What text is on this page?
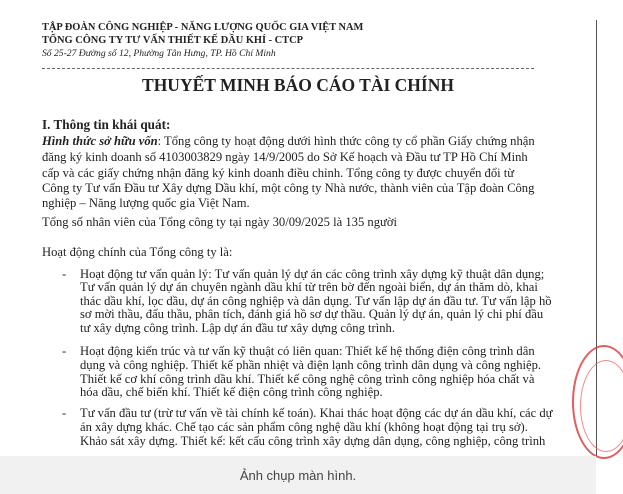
TẬP ĐOÀN CÔNG NGHIỆP - NĂNG LƯỢNG QUỐC GIA VIỆT NAM
TỔNG CÔNG TY TƯ VẤN THIẾT KẾ DẦU KHÍ - CTCP
Số 25-27 Đường số 12, Phường Tân Hưng, TP. Hồ Chí Minh
THUYẾT MINH BÁO CÁO TÀI CHÍNH
I. Thông tin khái quát:
Hình thức sở hữu vốn: Tổng công ty hoạt động dưới hình thức công ty cổ phần Giấy chứng nhận
đăng ký kinh doanh số 4103003829 ngày 14/9/2005 do Sở Kế hoạch và Đầu tư TP Hồ Chí Minh
cấp và các giấy chứng nhận đăng ký kinh doanh điều chỉnh. Tổng công ty được chuyển đổi từ
Công ty Tư vấn Đầu tư Xây dựng Dầu khí, một công ty Nhà nước, thành viên của Tập đoàn Công
nghiệp – Năng lượng quốc gia Việt Nam.
Tổng số nhân viên của Tổng công ty tại ngày 30/09/2025 là 135 người
Hoạt động chính của Tổng công ty là:
- Hoạt động tư vấn quản lý: Tư vấn quản lý dự án các công trình xây dựng kỹ thuật dân dụng;
Tư vấn quản lý dự án chuyên ngành dầu khí từ trên bờ đến ngoài biển, dự án thăm dò, khai
thác dầu khí, lọc dầu, dự án công nghiệp và dân dụng. Tư vấn lập dự án đầu tư. Tư vấn lập hồ
sơ mời thầu, đấu thầu, phân tích, đánh giá hồ sơ dự thầu. Quản lý dự án, quản lý chi phí đầu
tư xây dựng công trình. Lập dự án đầu tư xây dựng công trình.
- Hoạt động kiến trúc và tư vấn kỹ thuật có liên quan: Thiết kế hệ thống điện công trình dân
dụng và công nghiệp. Thiết kế phần nhiệt và điện lạnh công trình dân dụng và công nghiệp.
Thiết kế cơ khí công trình dầu khí. Thiết kế công nghệ công trình công nghiệp hóa chất và
hóa dầu, chế biến khí. Thiết kế điện công trình công nghiệp.
- Tư vấn đầu tư (trừ tư vấn về tài chính kế toán). Khai thác hoạt động các dự án dầu khí, các dự
án xây dựng khác. Chế tạo các sản phẩm công nghệ dầu khí (không hoạt động tại trụ sở).
Khảo sát xây dựng. Thiết kế: kết cấu công trình xây dựng dân dụng, công nghiệp, công trình
Ảnh chụp màn hình.
